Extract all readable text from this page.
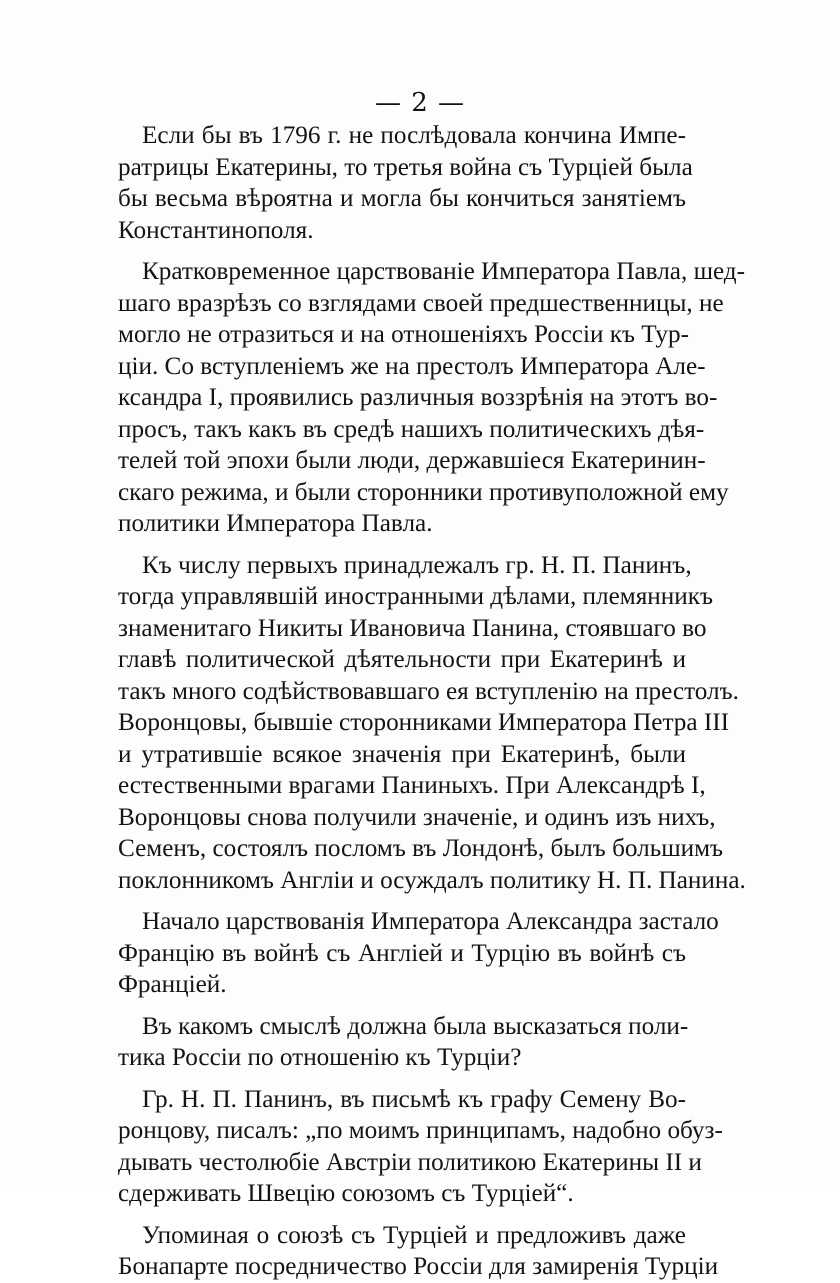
— 2 —
Если бы въ 1796 г. не послѣдовала кончина Импе-
ратрицы Екатерины, то третья война съ Турціей была
бы весьма вѣроятна и могла бы кончиться занятіемъ
Константинополя.
Кратковременное царствованіе Императора Павла, шед-
шаго вразрѣзъ со взглядами своей предшественницы, не
могло не отразиться и на отношеніяхъ Россіи къ Тур-
ціи. Со вступленіемъ же на престолъ Императора Але-
ксандра I, проявились различныя воззрѣнія на этотъ во-
просъ, такъ какъ въ средѣ нашихъ политическихъ дѣя-
телей той эпохи были люди, державшіеся Екатеринин-
скаго режима, и были сторонники противуположной ему
политики Императора Павла.
Къ числу первыхъ принадлежалъ гр. Н. П. Панинъ,
тогда управлявшій иностранными дѣлами, племянникъ
знаменитаго Никиты Ивановича Панина, стоявшаго во
главѣ политической дѣятельности при Екатеринѣ и
такъ много содѣйствовавшаго ея вступленію на престолъ.
Воронцовы, бывшіе сторонниками Императора Петра III
и утратившіе всякое значенія при Екатеринѣ, были
естественными врагами Паниныхъ. При Александрѣ I,
Воронцовы снова получили значеніе, и одинъ изъ нихъ,
Семенъ, состоялъ посломъ въ Лондонѣ, былъ большимъ
поклонникомъ Англіи и осуждалъ политику Н. П. Панина.
Начало царствованія Императора Александра застало
Францію въ войнѣ съ Англіей и Турцію въ войнѣ съ
Франціей.
Въ какомъ смыслѣ должна была высказаться поли-
тика Россіи по отношенію къ Турціи?
Гр. Н. П. Панинъ, въ письмѣ къ графу Семену Во-
ронцову, писалъ: „по моимъ принципамъ, надобно обуз-
дывать честолюбіе Австріи политикою Екатерины II и
сдерживать Швецію союзомъ съ Турціей“.
Упоминая о союзѣ съ Турціей и предложивъ даже
Бонапарте посредничество Россіи для замиренія Турціи
